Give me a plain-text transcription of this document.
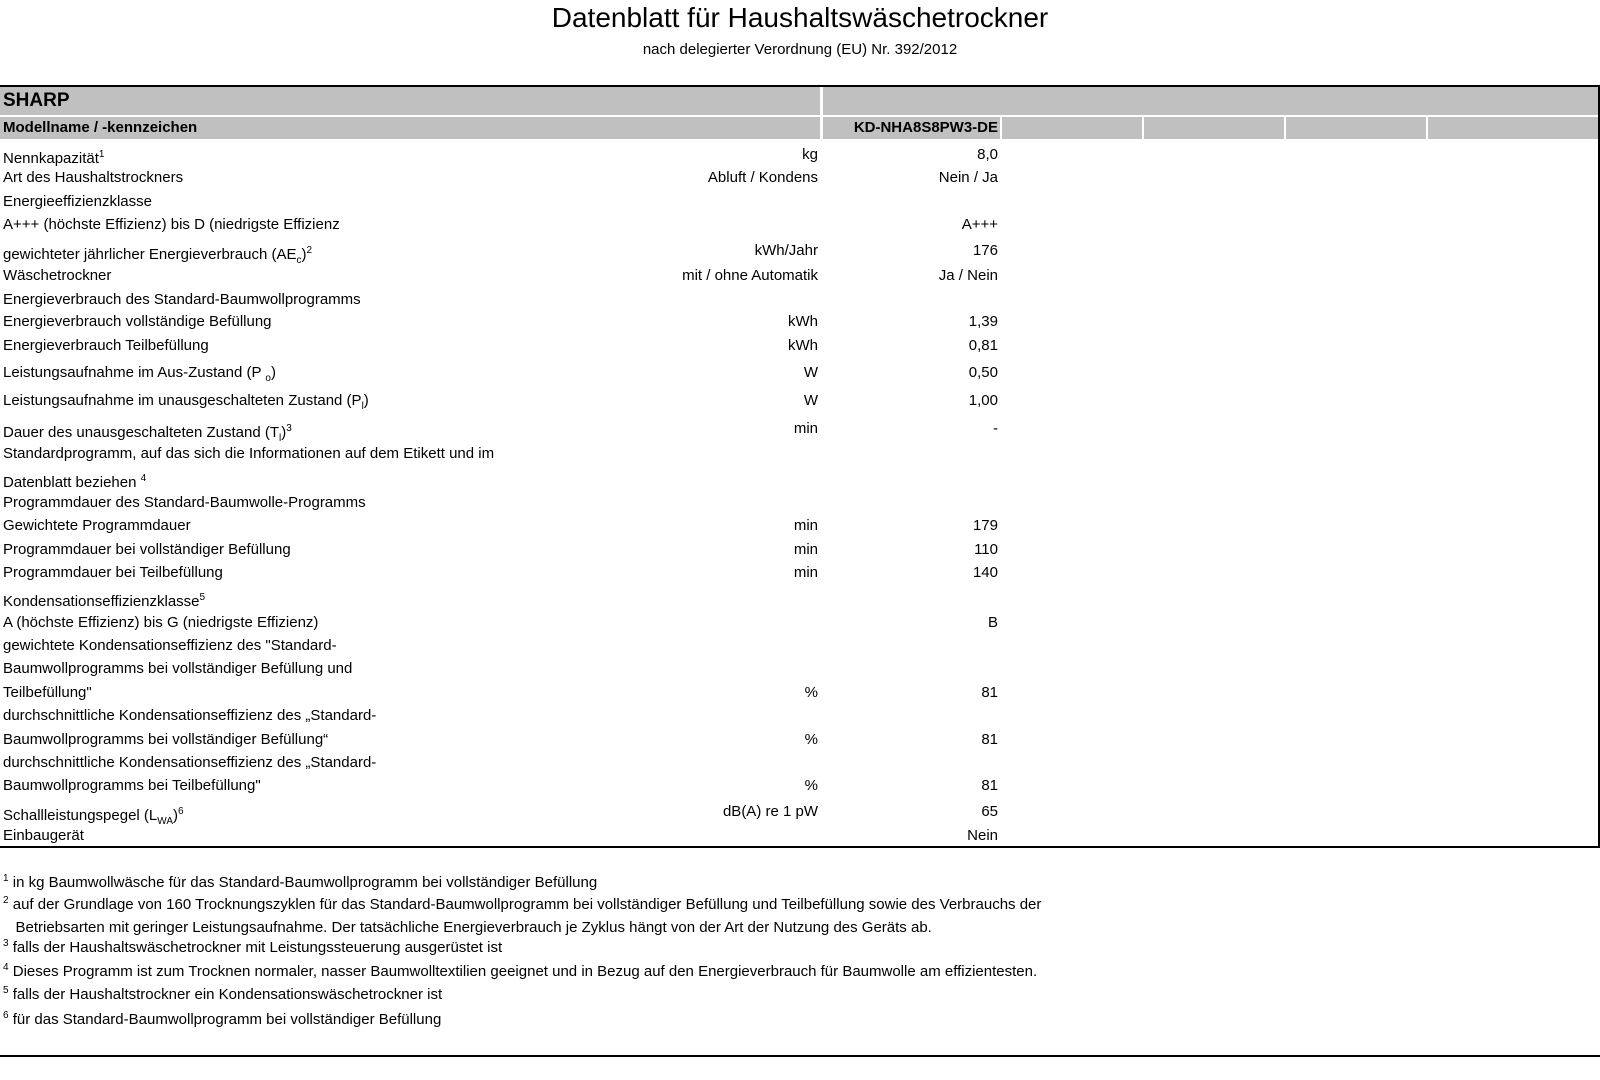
Datenblatt für Haushaltswäschetrockner
nach delegierter Verordnung (EU) Nr. 392/2012
SHARP
Modellname / -kennzeichen	KD-NHA8S8PW3-DE
Nennkapazität$^1$	kg	8,0
Art des Haushaltstrockners	Abluft / Kondens	Nein / Ja
Energieeffizienzklasse
A+++ (höchste Effizienz) bis D (niedrigste Effizienz	A+++
gewichteter jährlicher Energieverbrauch $(AE_c)^2$	kWh/Jahr	176
Wäschetrockner	mit / ohne Automatik	Ja / Nein
Energieverbrauch des Standard-Baumwollprogramms
Energieverbrauch vollständige Befüllung	kWh	1,39
Energieverbrauch Teilbefüllung	kWh	0,81
Leistungsaufnahme im Aus-Zustand (P $_o$)	W	0,50
Leistungsaufnahme im unausgeschalteten Zustand $(P_l)$	W	1,00
Dauer des unausgeschalteten Zustand $(T_l)^3$	min	-
Standardprogramm, auf das sich die Informationen auf dem Etikett und im
Datenblatt beziehen $^4$
Programmdauer des Standard-Baumwolle-Programms
Gewichtete Programmdauer	min	179
Programmdauer bei vollständiger Befüllung	min	110
Programmdauer bei Teilbefüllung	min	140
Kondensationseffizienzklasse$^5$
A (höchste Effizienz) bis G (niedrigste Effizienz)	B
gewichtete Kondensationseffizienz des "Standard-
Baumwollprogramms bei vollständiger Befüllung und
Teilbefüllung"	%	81
durchschnittliche Kondensationseffizienz des „Standard-
Baumwollprogramms bei vollständiger Befüllung“	%	81
durchschnittliche Kondensationseffizienz des „Standard-
Baumwollprogramms bei Teilbefüllung"	%	81
Schallleistungspegel $(L_{WA})^6$	dB(A) re 1 pW	65
Einbaugerät	Nein
$^1$ in kg Baumwollwäsche für das Standard-Baumwollprogramm bei vollständiger Befüllung
$^2$ auf der Grundlage von 160 Trocknungszyklen für das Standard-Baumwollprogramm bei vollständiger Befüllung und Teilbefüllung sowie des Verbrauchs der
Betriebsarten mit geringer Leistungsaufnahme. Der tatsächliche Energieverbrauch je Zyklus hängt von der Art der Nutzung des Geräts ab.
$^3$ falls der Haushaltswäschetrockner mit Leistungssteuerung ausgerüstet ist
$^4$ Dieses Programm ist zum Trocknen normaler, nasser Baumwolltextilien geeignet und in Bezug auf den Energieverbrauch für Baumwolle am effizientesten.
$^5$ falls der Haushaltstrockner ein Kondensationswäschetrockner ist
$^6$ für das Standard-Baumwollprogramm bei vollständiger Befüllung
